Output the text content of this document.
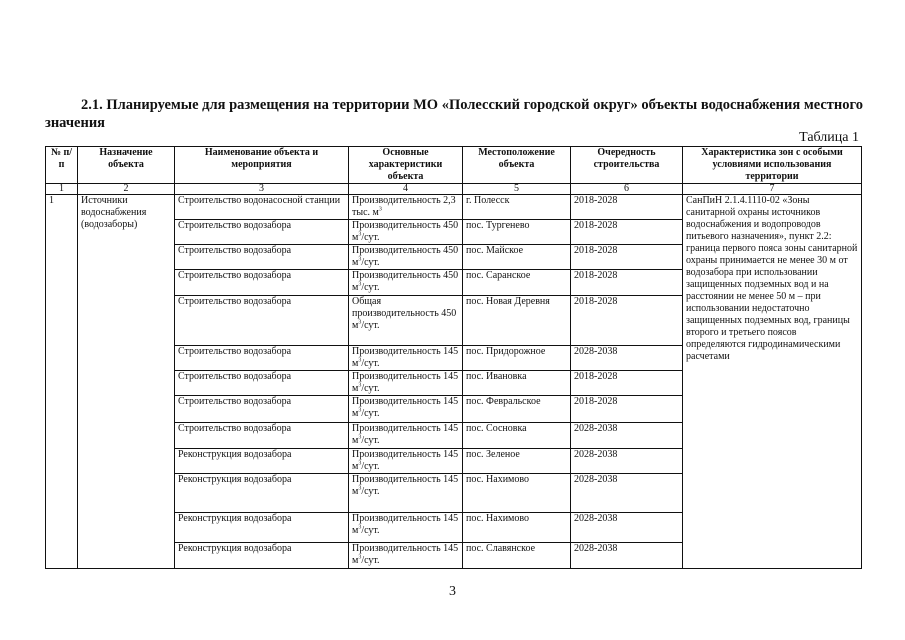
2.1. Планируемые для размещения на территории МО «Полесский городской округ» объекты водоснабжения местного значения
Таблица 1
№ п/п	Назначение объекта	Наименование объекта и мероприятия	Основные характеристики объекта	Местоположение объекта	Очередность строительства	Характеристика зон с особыми условиями использования территории
1	2	3	4	5	6	7
1	Источники водоснабжения (водозаборы)	Строительство водонасосной станции	Производительность 2,3 тыс. $м^3$	г. Полесск	2018-2028	СанПиН 2.1.4.1110-02 «Зоны санитарной охраны источников водоснабжения и водопроводов питьевого назначения», пункт 2.2: граница первого пояса зоны санитарной охраны принимается не менее 30 м от водозабора при использовании защищенных подземных вод и на расстоянии не менее 50 м – при использовании недостаточно защищенных подземных вод, границы второго и третьего поясов определяются гидродинамическими расчетами
		Строительство водозабора	Производительность 450 $м^3$/сут.	пос. Тургенево	2018-2028	
		Строительство водозабора	Производительность 450 $м^3$/сут.	пос. Майское	2018-2028	
		Строительство водозабора	Производительность 450 $м^3$/сут.	пос. Саранское	2018-2028	
		Строительство водозабора	Общая производительность 450 $м^3$/сут.	пос. Новая Деревня	2018-2028	
		Строительство водозабора	Производительность 145 $м^3$/сут.	пос. Придорожное	2028-2038	
		Строительство водозабора	Производительность 145 $м^3$/сут.	пос. Ивановка	2018-2028	
		Строительство водозабора	Производительность 145 $м^3$/сут.	пос. Февральское	2018-2028	
		Строительство водозабора	Производительность 145 $м^3$/сут.	пос. Сосновка	2028-2038	
		Реконструкция водозабора	Производительность 145 $м^3$/сут.	пос. Зеленое	2028-2038	
		Реконструкция водозабора	Производительность 145 $м^3$/сут.	пос. Нахимово	2028-2038	
		Реконструкция водозабора	Производительность 145 $м^3$/сут.	пос. Нахимово	2028-2038	
		Реконструкция водозабора	Производительность 145 $м^3$/сут.	пос. Славянское	2028-2038	
3
